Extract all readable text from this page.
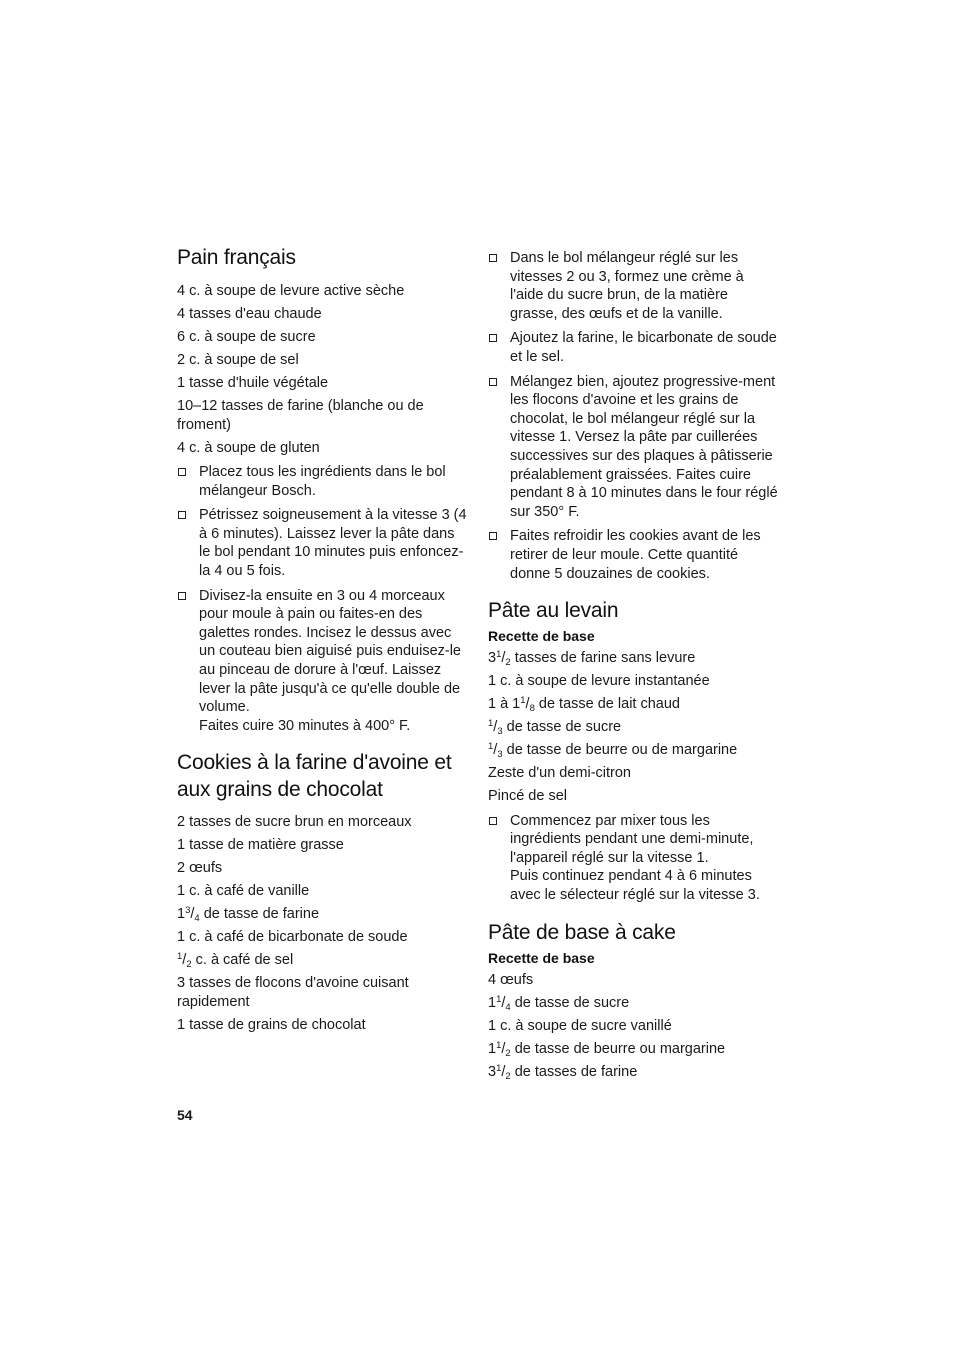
Pain français

4 c. à soupe de levure active sèche

4 tasses d'eau chaude

6 c. à soupe de sucre

2 c. à soupe de sel

1 tasse d'huile végétale

10–12 tasses de farine (blanche ou de froment)

4 c. à soupe de gluten

Placez tous les ingrédients dans le bol mélangeur Bosch.
Pétrissez soigneusement à la vitesse 3 (4 à 6 minutes). Laissez lever la pâte dans le bol pendant 10 minutes puis enfoncez-la 4 ou 5 fois.
Divisez-la ensuite en 3 ou 4 morceaux pour moule à pain ou faites-en des galettes rondes. Incisez le dessus avec un couteau bien aiguisé puis enduisez-le au pinceau de dorure à l'œuf. Laissez lever la pâte jusqu'à ce qu'elle double de volume.
Faites cuire 30 minutes à 400° F.
Cookies à la farine d'avoine et aux grains de chocolat

2 tasses de sucre brun en morceaux

1 tasse de matière grasse

2 œufs

1 c. à café de vanille

$1^3/_4$ de tasse de farine

1 c. à café de bicarbonate de soude

$^1/_2$ c. à café de sel

3 tasses de flocons d'avoine cuisant rapidement

1 tasse de grains de chocolat

Dans le bol mélangeur réglé sur les vitesses 2 ou 3, formez une crème à l'aide du sucre brun, de la matière grasse, des œufs et de la vanille.
Ajoutez la farine, le bicarbonate de soude et le sel.
Mélangez bien, ajoutez progressive-ment les flocons d'avoine et les grains de chocolat, le bol mélangeur réglé sur la vitesse 1. Versez la pâte par cuillerées successives sur des plaques à pâtisserie préalablement graissées. Faites cuire pendant 8 à 10 minutes dans le four réglé sur 350° F.
Faites refroidir les cookies avant de les retirer de leur moule. Cette quantité donne 5 douzaines de cookies.
Pâte au levain
Recette de base

$3^1/_2$ tasses de farine sans levure

1 c. à soupe de levure instantanée

1 à $1^1/_8$ de tasse de lait chaud

$^1/_3$ de tasse de sucre

$^1/_3$ de tasse de beurre ou de margarine

Zeste d'un demi-citron

Pincé de sel

Commencez par mixer tous les ingrédients pendant une demi-minute, l'appareil réglé sur la vitesse 1.
Puis continuez pendant 4 à 6 minutes avec le sélecteur réglé sur la vitesse 3.
Pâte de base à cake
Recette de base

4 œufs

$1^1/_4$ de tasse de sucre

1 c. à soupe de sucre vanillé

$1^1/_2$ de tasse de beurre ou margarine

$3^1/_2$ de tasses de farine

54
